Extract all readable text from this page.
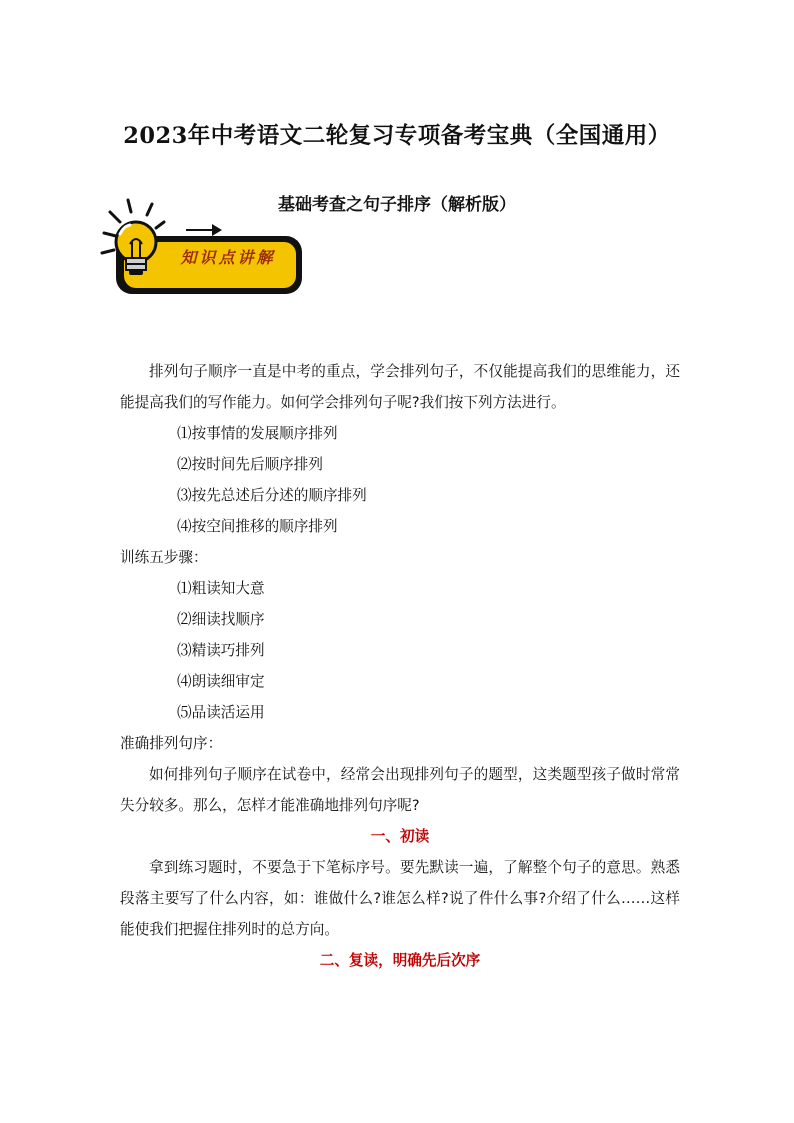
2023年中考语文二轮复习专项备考宝典（全国通用）
知识点讲解
基础考查之句子排序（解析版）

排列句子顺序一直是中考的重点，学会排列句子，不仅能提高我们的思维能力，还能提高我们的写作能力。如何学会排列句子呢?我们按下列方法进行。

⑴按事情的发展顺序排列

⑵按时间先后顺序排列

⑶按先总述后分述的顺序排列

⑷按空间推移的顺序排列

训练五步骤：

⑴粗读知大意

⑵细读找顺序

⑶精读巧排列

⑷朗读细审定

⑸品读活运用

准确排列句序：

如何排列句子顺序在试卷中，经常会出现排列句子的题型，这类题型孩子做时常常失分较多。那么，怎样才能准确地排列句序呢?

一、初读

拿到练习题时，不要急于下笔标序号。要先默读一遍，了解整个句子的意思。熟悉段落主要写了什么内容，如：谁做什么?谁怎么样?说了件什么事?介绍了什么……这样能使我们把握住排列时的总方向。

二、复读，明确先后次序
